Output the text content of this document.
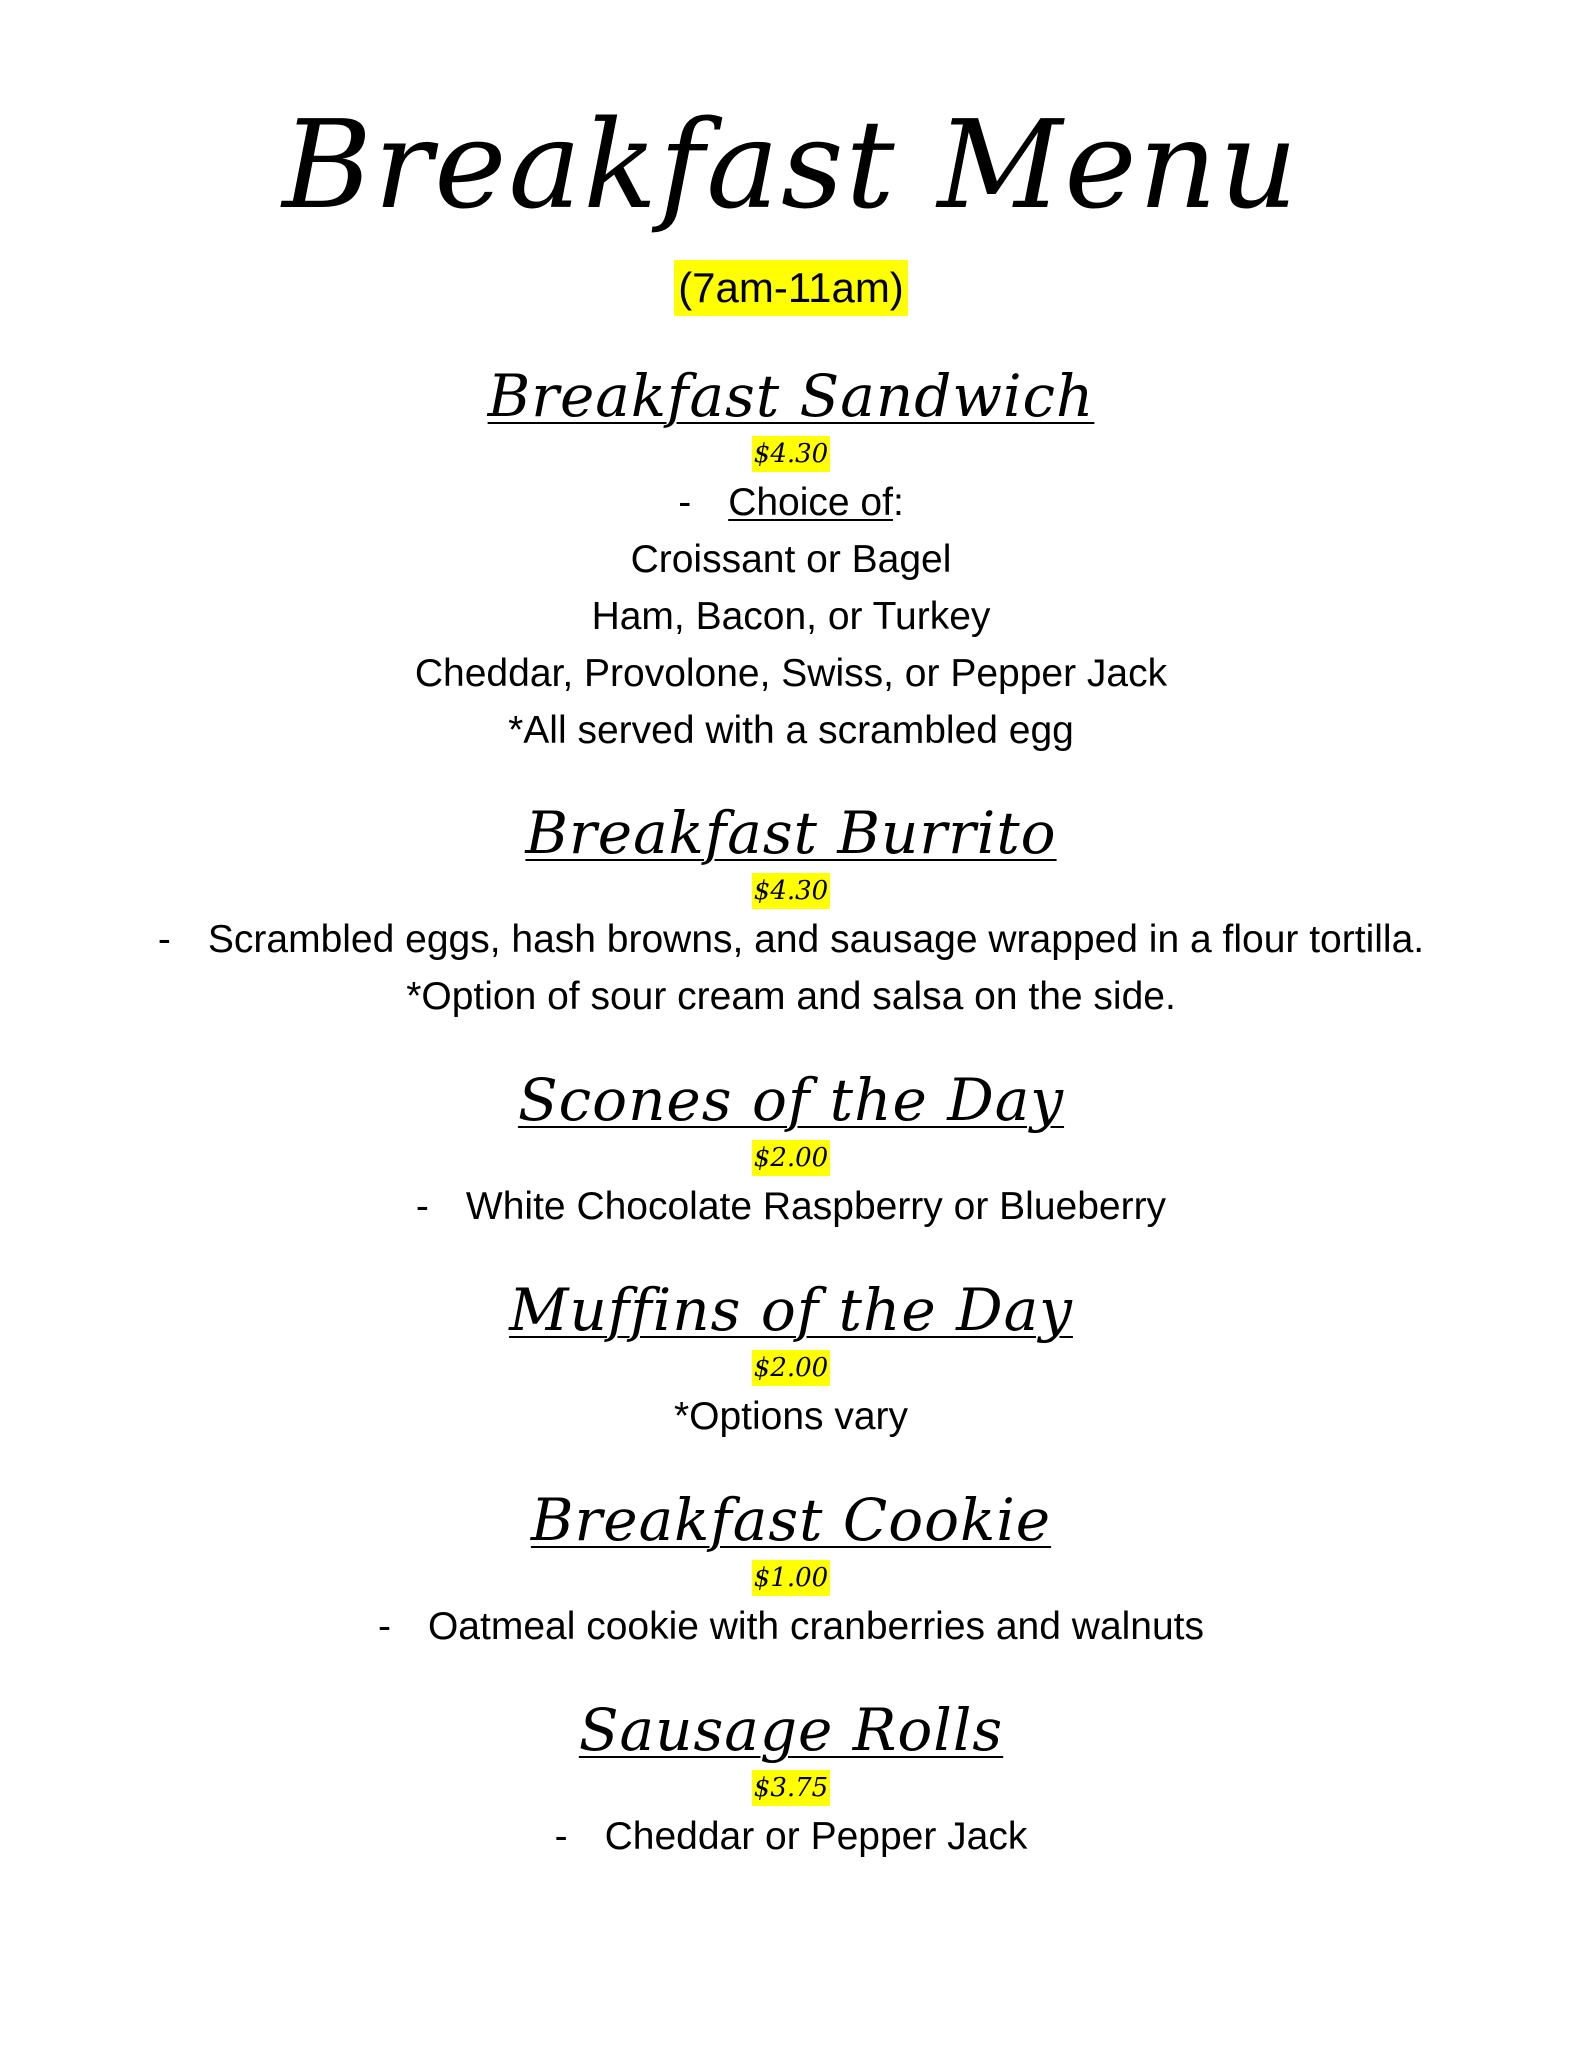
Breakfast Menu
(7am-11am)
Breakfast Sandwich
$4.30
- Choice of:
Croissant or Bagel
Ham, Bacon, or Turkey
Cheddar, Provolone, Swiss, or Pepper Jack
*All served with a scrambled egg
Breakfast Burrito
$4.30
- Scrambled eggs, hash browns, and sausage wrapped in a flour tortilla.
*Option of sour cream and salsa on the side.
Scones of the Day
$2.00
- White Chocolate Raspberry or Blueberry
Muffins of the Day
$2.00
*Options vary
Breakfast Cookie
$1.00
- Oatmeal cookie with cranberries and walnuts
Sausage Rolls
$3.75
- Cheddar or Pepper Jack
